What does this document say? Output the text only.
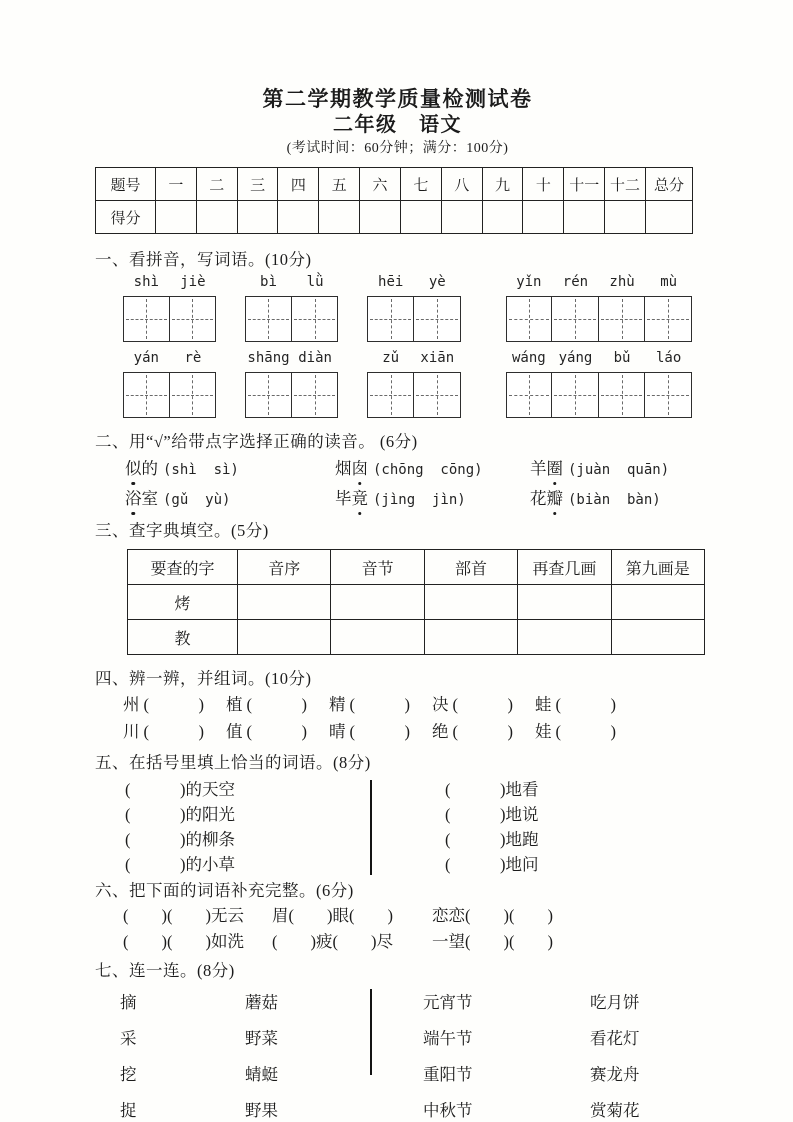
第二学期教学质量检测试卷
二年级　语文
(考试时间：60分钟；满分：100分)
题号	一	二	三	四	五	六	七	八	九	十	十一	十二	总分
得分													
一、看拼音，写词语。(10分)
shì	jiè	bì	lǜ	hēi	yè	yǐn	rén	zhù	mù
yán	rè	shāng diàn	zǔ	xiān	wáng yáng	bǔ	láo
二、用“√”给带点字选择正确的读音。 (6分)
似的 (shì  sì)	烟囱 (chōng  cōng)	羊圈 (juàn  quān)
浴室 (gǔ  yù)	毕竟 (jìng  jìn)	花瓣 (biàn  bàn)
三、查字典填空。(5分)
要查的字	音序	音节	部首	再查几画	第九画是
烤					
教					
四、辨一辨，并组词。(10分)
州 (　　　) 植 (　　　) 精 (　　　) 决 (　　　) 蛙 (　　　)
川 (　　　) 值 (　　　) 晴 (　　　) 绝 (　　　) 娃 (　　　)
五、在括号里填上恰当的词语。(8分)
(　　　)的天空	(　　　)地看
(　　　)的阳光	(　　　)地说
(　　　)的柳条	(　　　)地跑
(　　　)的小草	(　　　)地问
六、把下面的词语补充完整。(6分)
(　　)(　　)无云	眉(　　)眼(　　)	恋恋(　　)(　　)
(　　)(　　)如洗	(　　)疲(　　)尽	一望(　　)(　　)
七、连一连。(8分)
摘	蘑菇	元宵节	吃月饼
采	野菜	端午节	看花灯
挖	蜻蜓	重阳节	赛龙舟
捉	野果	中秋节	赏菊花
